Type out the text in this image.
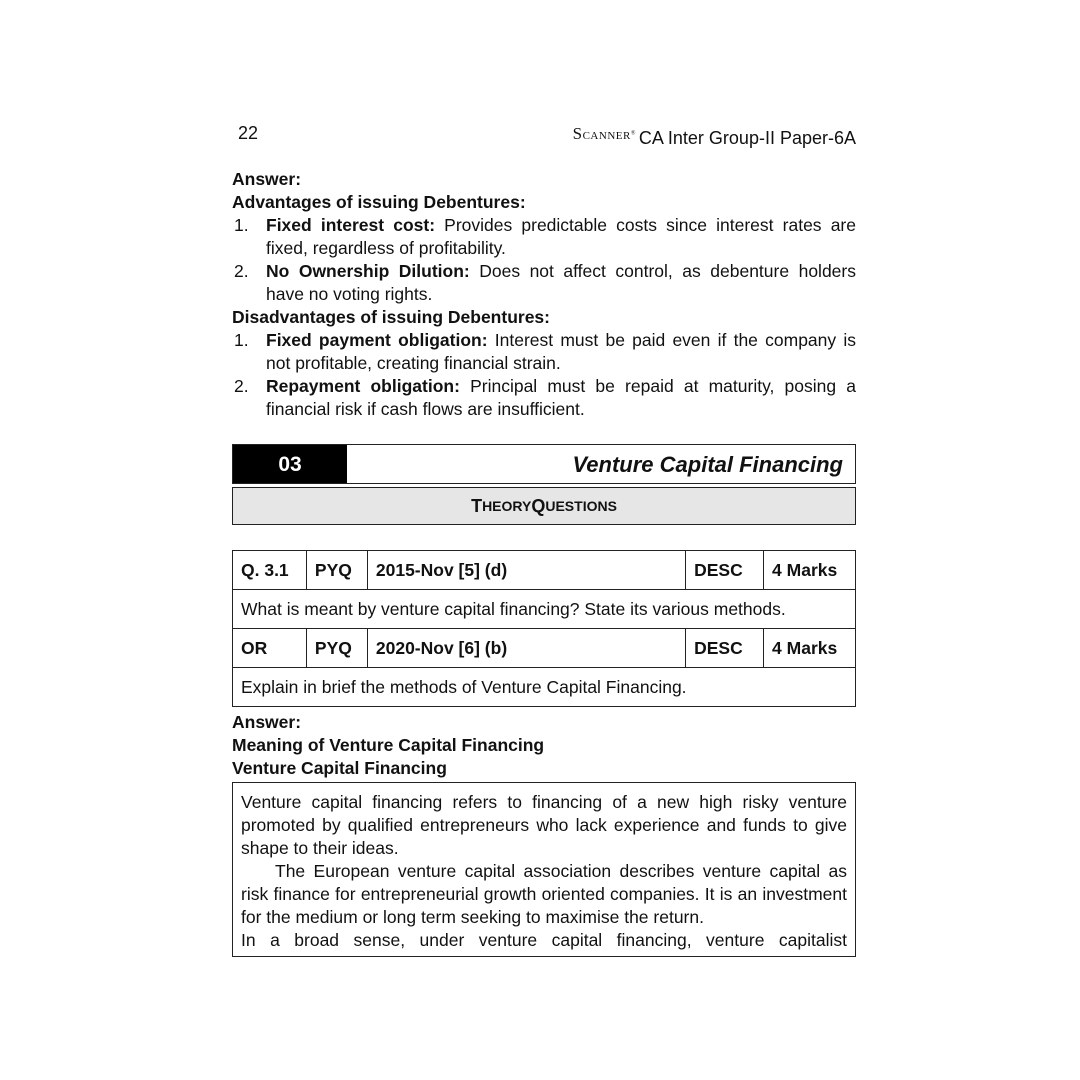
22	$^{SCANNER^®}$ CA Inter Group-II Paper-6A

Answer:

Advantages of issuing Debentures:

1. Fixed interest cost: Provides predictable costs since interest rates are fixed, regardless of profitability.
2. No Ownership Dilution: Does not affect control, as debenture holders have no voting rights.

Disadvantages of issuing Debentures:

1. Fixed payment obligation: Interest must be paid even if the company is not profitable, creating financial strain.
2. Repayment obligation: Principal must be repaid at maturity, posing a financial risk if cash flows are insufficient.
03	Venture Capital Financing
T HEORY Q UESTIONS
Q. 3.1	PYQ	2015-Nov [5] (d)	DESC	4 Marks
What is meant by venture capital financing? State its various methods.				
OR	PYQ	2020-Nov [6] (b)	DESC	4 Marks
Explain in brief the methods of Venture Capital Financing.				

Answer:

Meaning of Venture Capital Financing

Venture Capital Financing

Venture capital financing refers to financing of a new high risky venture promoted by qualified entrepreneurs who lack experience and funds to give shape to their ideas.

The European venture capital association describes venture capital as risk finance for entrepreneurial growth oriented companies. It is an investment for the medium or long term seeking to maximise the return.

In a broad sense, under venture capital financing, venture capitalist
